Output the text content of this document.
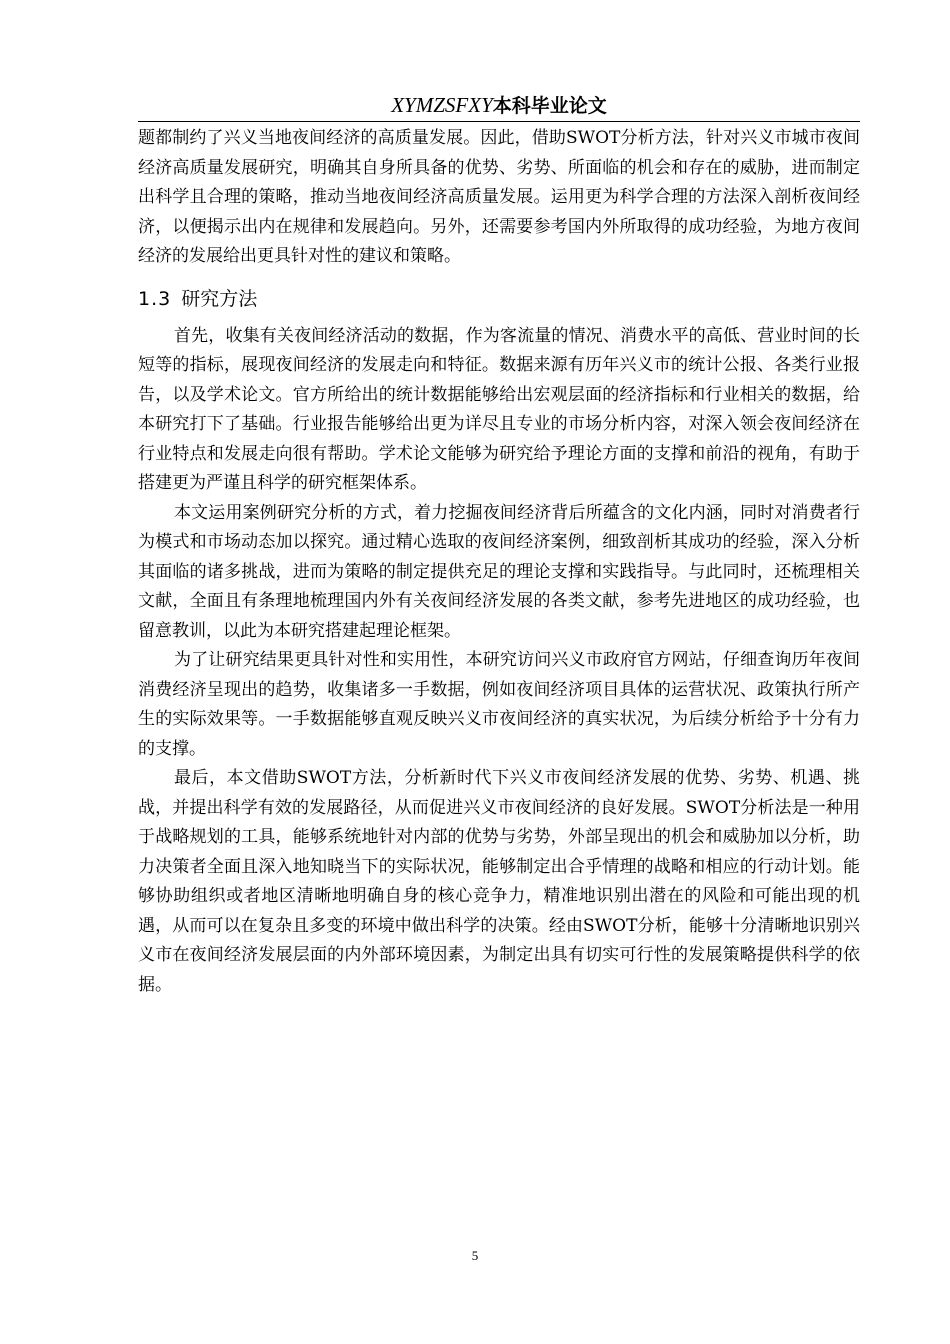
XYMZSFXY本科毕业论文

题都制约了兴义当地夜间经济的高质量发展。因此，借助SWOT分析方法，针对兴义市城市夜间经济高质量发展研究，明确其自身所具备的优势、劣势、所面临的机会和存在的威胁，进而制定出科学且合理的策略，推动当地夜间经济高质量发展。运用更为科学合理的方法深入剖析夜间经济，以便揭示出内在规律和发展趋向。另外，还需要参考国内外所取得的成功经验，为地方夜间经济的发展给出更具针对性的建议和策略。

1.3 研究方法

首先，收集有关夜间经济活动的数据，作为客流量的情况、消费水平的高低、营业时间的长短等的指标，展现夜间经济的发展走向和特征。数据来源有历年兴义市的统计公报、各类行业报告，以及学术论文。官方所给出的统计数据能够给出宏观层面的经济指标和行业相关的数据，给本研究打下了基础。行业报告能够给出更为详尽且专业的市场分析内容，对深入领会夜间经济在行业特点和发展走向很有帮助。学术论文能够为研究给予理论方面的支撑和前沿的视角，有助于搭建更为严谨且科学的研究框架体系。

本文运用案例研究分析的方式，着力挖掘夜间经济背后所蕴含的文化内涵，同时对消费者行为模式和市场动态加以探究。通过精心选取的夜间经济案例，细致剖析其成功的经验，深入分析其面临的诸多挑战，进而为策略的制定提供充足的理论支撑和实践指导。与此同时，还梳理相关文献，全面且有条理地梳理国内外有关夜间经济发展的各类文献，参考先进地区的成功经验，也留意教训，以此为本研究搭建起理论框架。

为了让研究结果更具针对性和实用性，本研究访问兴义市政府官方网站，仔细查询历年夜间消费经济呈现出的趋势，收集诸多一手数据，例如夜间经济项目具体的运营状况、政策执行所产生的实际效果等。一手数据能够直观反映兴义市夜间经济的真实状况，为后续分析给予十分有力的支撑。

最后，本文借助SWOT方法，分析新时代下兴义市夜间经济发展的优势、劣势、机遇、挑战，并提出科学有效的发展路径，从而促进兴义市夜间经济的良好发展。SWOT分析法是一种用于战略规划的工具，能够系统地针对内部的优势与劣势，外部呈现出的机会和威胁加以分析，助力决策者全面且深入地知晓当下的实际状况，能够制定出合乎情理的战略和相应的行动计划。能够协助组织或者地区清晰地明确自身的核心竞争力，精准地识别出潜在的风险和可能出现的机遇，从而可以在复杂且多变的环境中做出科学的决策。经由SWOT分析，能够十分清晰地识别兴义市在夜间经济发展层面的内外部环境因素，为制定出具有切实可行性的发展策略提供科学的依据。

5
